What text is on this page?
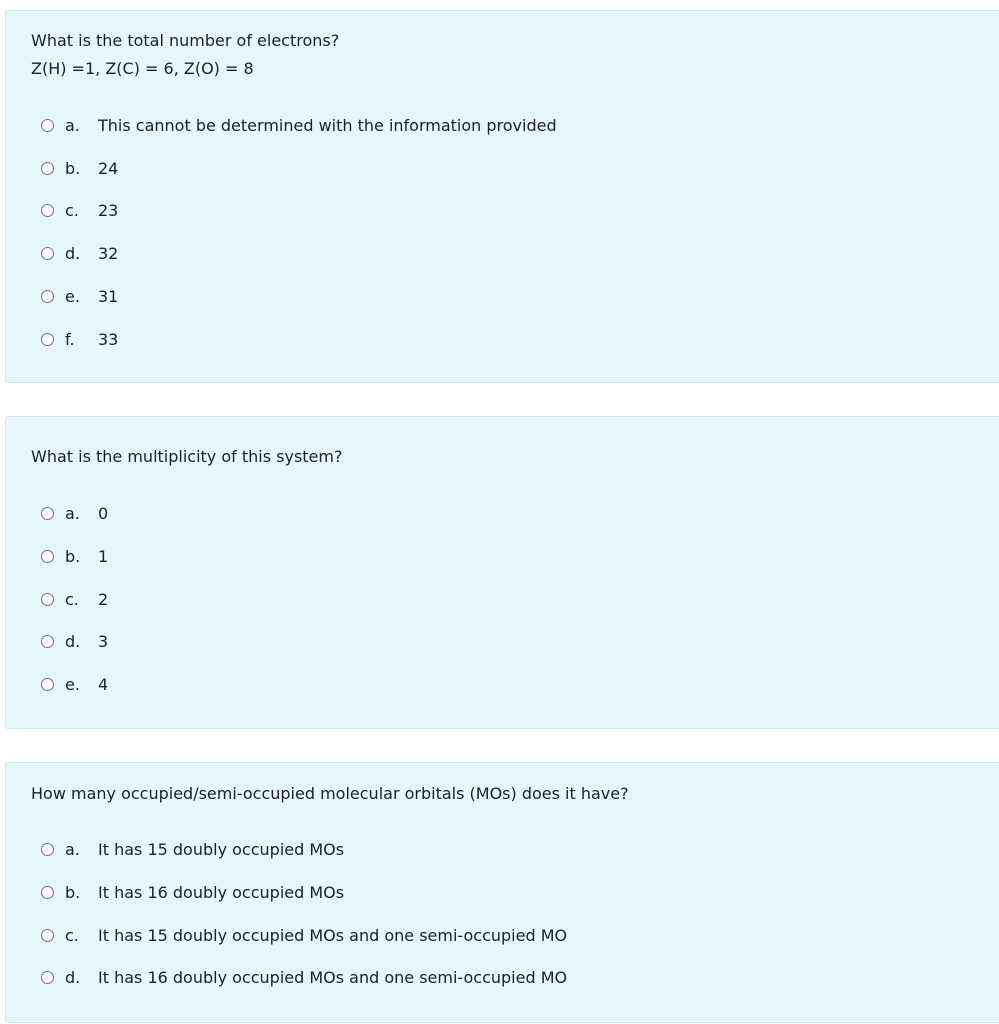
What is the total number of electrons?
Z(H) =1, Z(C) = 6, Z(O) = 8
a.	This cannot be determined with the information provided
b.	24
c.	23
d.	32
e.	31
f.	33
What is the multiplicity of this system?
a.	0
b.	1
c.	2
d.	3
e.	4
How many occupied/semi-occupied molecular orbitals (MOs) does it have?
a.	It has 15 doubly occupied MOs
b.	It has 16 doubly occupied MOs
c.	It has 15 doubly occupied MOs and one semi-occupied MO
d.	It has 16 doubly occupied MOs and one semi-occupied MO
